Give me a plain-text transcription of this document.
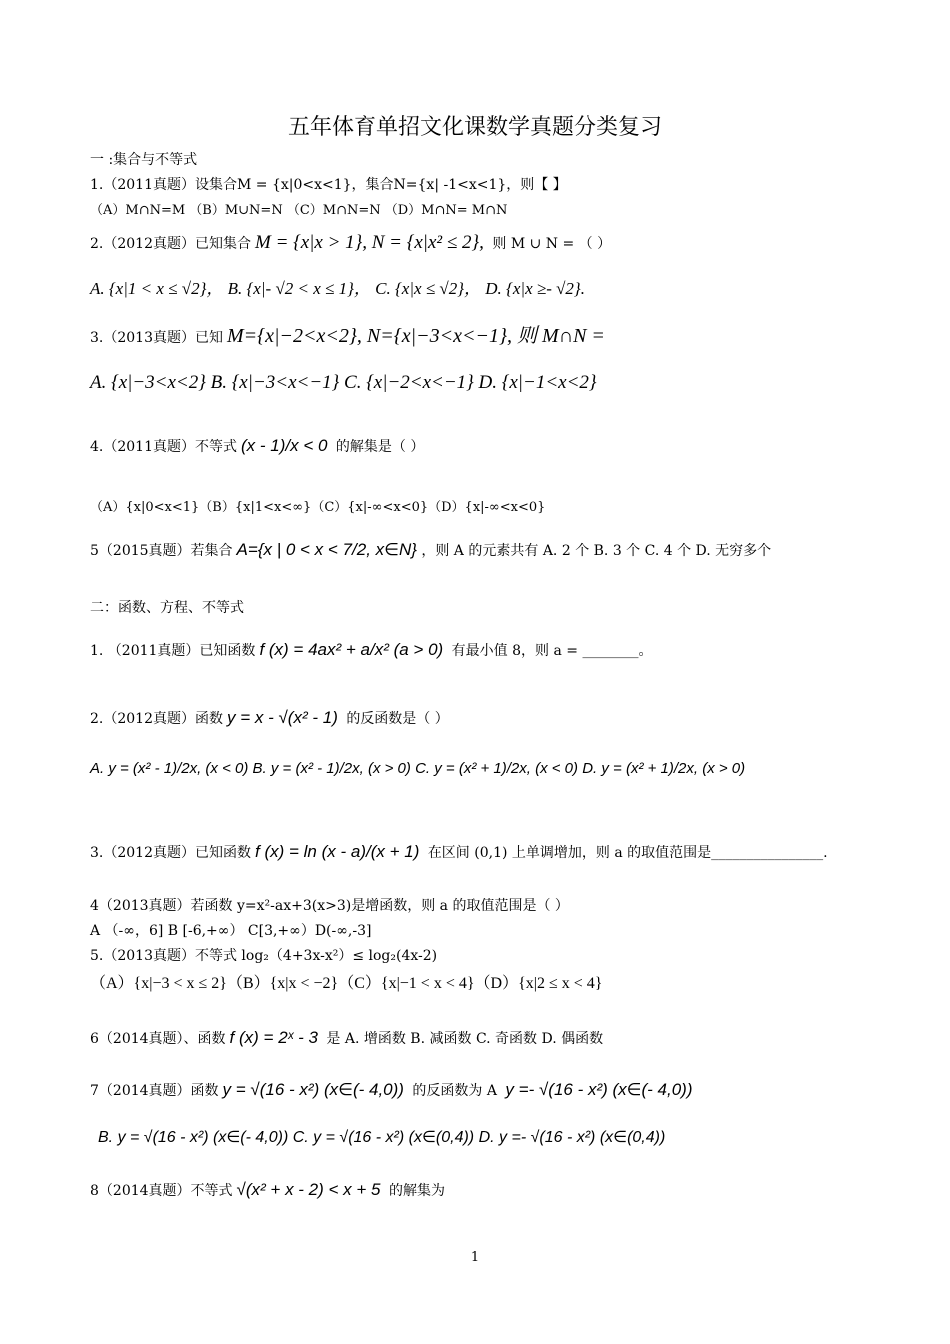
五年体育单招文化课数学真题分类复习
一 :集合与不等式
1.（2011真题）设集合M = {x|0<x<1}，集合N={x| -1<x<1}，则【 】
（A）M∩N=M （B）M∪N=N （C）M∩N=N （D）M∩N= M∩N
2.（2012真题）已知集合 M = {x|x > 1}, N = {x|x² ≤ 2}, 则 M ∪ N = （ ）
A. {x|1 < x ≤ √2}， B. {x|- √2 < x ≤ 1}， C. {x|x ≤ √2}， D. {x|x ≥- √2}.
3.（2013真题）已知 M={x|−2<x<2}, N={x|−3<x<−1}, 则 M∩N =
A. {x|−3<x<2} B. {x|−3<x<−1} C. {x|−2<x<−1} D. {x|−1<x<2}
4.（2011真题）不等式 (x - 1)/x < 0 的解集是（ ）
（A）{x|0<x<1}（B）{x|1<x<∞}（C）{x|-∞<x<0}（D）{x|-∞<x<0}
5（2015真题）若集合 A={x | 0 < x < 7/2, x∈N} ，则 A 的元素共有 A. 2 个 B. 3 个 C. 4 个 D. 无穷多个
二：函数、方程、不等式
1. （2011真题）已知函数 f (x) = 4ax² + a/x² (a > 0) 有最小值 8，则 a = ________。
2.（2012真题）函数 y = x - √(x² - 1) 的反函数是（ ）
A. y = (x² - 1)/2x, (x < 0) B. y = (x² - 1)/2x, (x > 0) C. y = (x² + 1)/2x, (x < 0) D. y = (x² + 1)/2x, (x > 0)
3.（2012真题）已知函数 f (x) = ln (x - a)/(x + 1) 在区间 (0,1) 上单调增加，则 a 的取值范围是________________.
4（2013真题）若函数 y=x²-ax+3(x>3)是增函数，则 a 的取值范围是（ ）
A （-∞，6] B [-6,+∞） C[3,+∞）D(-∞,-3]
5.（2013真题）不等式 log₂（4+3x-x²）≤ log₂(4x-2)
（A）{x|−3 < x ≤ 2}（B）{x|x < −2}（C）{x|−1 < x < 4}（D）{x|2 ≤ x < 4}
6（2014真题）、函数 f (x) = 2ˣ - 3 是 A. 增函数 B. 减函数 C. 奇函数 D. 偶函数
7（2014真题）函数 y = √(16 - x²) (x∈(- 4,0)) 的反函数为 A y =- √(16 - x²) (x∈(- 4,0))
B. y = √(16 - x²) (x∈(- 4,0)) C. y = √(16 - x²) (x∈(0,4)) D. y =- √(16 - x²) (x∈(0,4))
8（2014真题）不等式 √(x² + x - 2) < x + 5 的解集为
1
